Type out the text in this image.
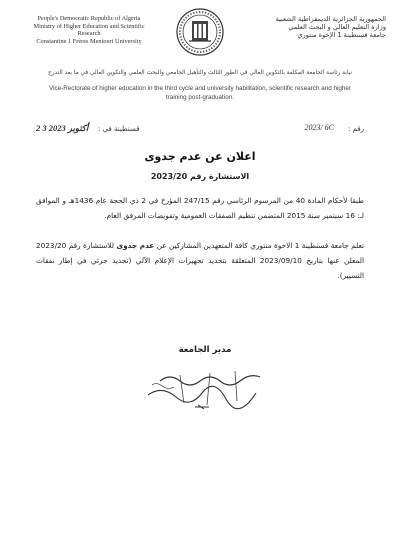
People's Democratic Republic of Algeria
Ministry of Higher Education and Scientific
Research
Constantine 1 Frères Mentouri University
الجمهورية الجزائرية الديمقراطية الشعبية
وزارة التعليم العالي و البحث العلمي
جامعة قسنطينة 1 الإخوة منتوري
نيابة رئاسة الجامعة المكلفة بالتكوين العالي في الطور الثالث والتأهيل الجامعي والبحث العلمي والتكوين العالي في ما بعد التدرج
Vice-Rectorate of higher education in the third cycle and university habilitation, scientific research and higher training post-graduation.
رقم :
2023/ 6C
قسنطينة في :
2 3 أكتوبر 2023
اعلان عن عدم جدوى
الاستشارة رقم 2023/20
طبقا لأحكام المادة 40 من المرسوم الرئاسي رقم 247/15 المؤرخ في 2 ذي الحجة عام 1436هـ و الموافق لـ: 16 سبتمبر سنة 2015 المتضمن تنظيم الصفقات العمومية وتفويضات المرفق العام.
تعلم جامعة قسنطينة 1 الاخوة منتوري كافة المتعهدين المشاركين عن عدم جدوى للاستشارة رقم 2023/20 المعلن عنها بتاريخ 2023/09/10 المتعلقة بتجديد تجهيزات الإعلام الآلي (تجديد جزئي في إطار نفقات التسيير).
مدير الجامعة
